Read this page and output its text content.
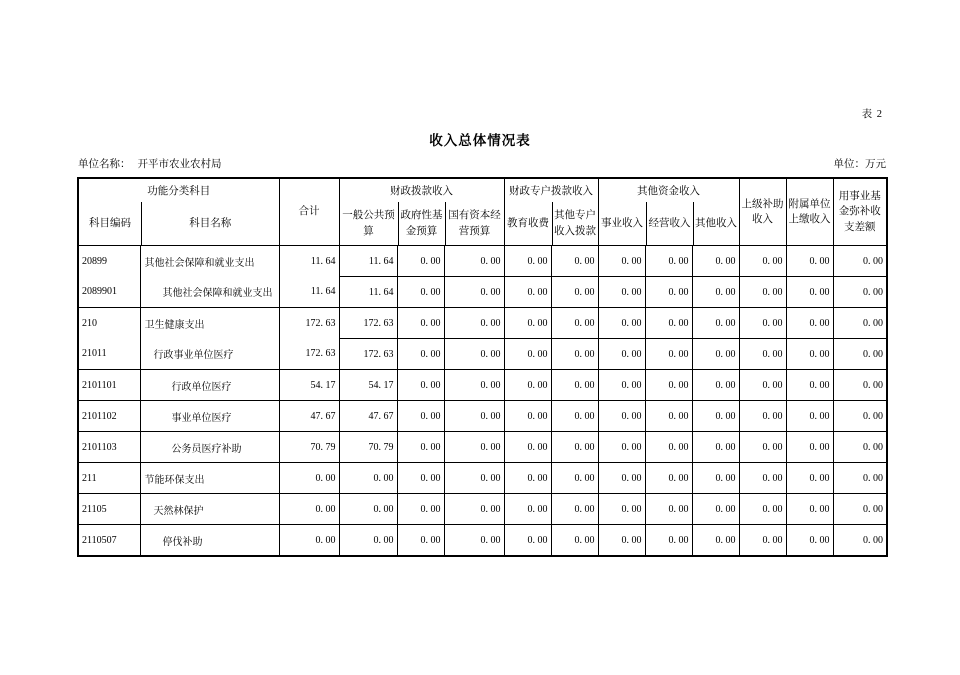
表 2
收入总体情况表
单位名称： 开平市农业农村局	单位：万元
功能分类科目
科目编码	科目名称
	合计	
财政拨款收入
一般公共预算
政府性基金预算
国有资本经营预算

财政专户拨款收入
教育收费
其他专户收入拨款

其他资金收入
事业收入 经营收入 其他收入
	上级补助收入	附属单位上缴收入	用事业基金弥补收支差额
20899	其他社会保障和就业支出	11. 64	11. 64	0. 00	0. 00	0. 00	0. 00	0. 00	0. 00	0. 00	0. 00	0. 00	0. 00
2089901	其他社会保障和就业支出	11. 64	11. 64	0. 00	0. 00	0. 00	0. 00	0. 00	0. 00	0. 00	0. 00	0. 00	0. 00
210	卫生健康支出	172. 63	172. 63	0. 00	0. 00	0. 00	0. 00	0. 00	0. 00	0. 00	0. 00	0. 00	0. 00
21011	行政事业单位医疗	172. 63	172. 63	0. 00	0. 00	0. 00	0. 00	0. 00	0. 00	0. 00	0. 00	0. 00	0. 00
2101101	行政单位医疗	54. 17	54. 17	0. 00	0. 00	0. 00	0. 00	0. 00	0. 00	0. 00	0. 00	0. 00	0. 00
2101102	事业单位医疗	47. 67	47. 67	0. 00	0. 00	0. 00	0. 00	0. 00	0. 00	0. 00	0. 00	0. 00	0. 00
2101103	公务员医疗补助	70. 79	70. 79	0. 00	0. 00	0. 00	0. 00	0. 00	0. 00	0. 00	0. 00	0. 00	0. 00
211	节能环保支出	0. 00	0. 00	0. 00	0. 00	0. 00	0. 00	0. 00	0. 00	0. 00	0. 00	0. 00	0. 00
21105	天然林保护	0. 00	0. 00	0. 00	0. 00	0. 00	0. 00	0. 00	0. 00	0. 00	0. 00	0. 00	0. 00
2110507	停伐补助	0. 00	0. 00	0. 00	0. 00	0. 00	0. 00	0. 00	0. 00	0. 00	0. 00	0. 00	0. 00
